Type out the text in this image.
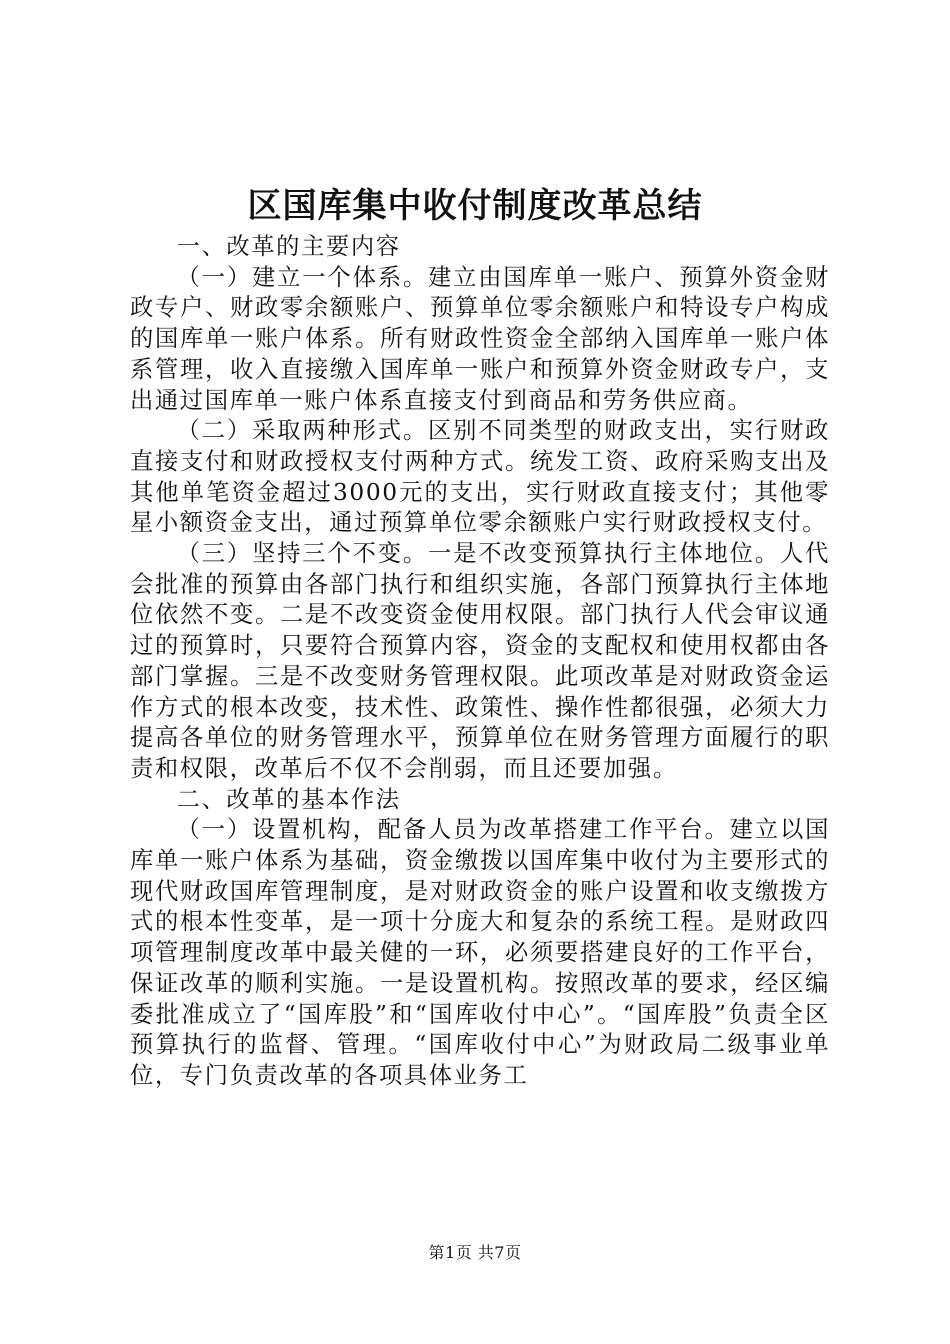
区国库集中收付制度改革总结

一、改革的主要内容

（一）建立一个体系。建立由国库单一账户、预算外资金财政专户、财政零余额账户、预算单位零余额账户和特设专户构成的国库单一账户体系。所有财政性资金全部纳入国库单一账户体系管理，收入直接缴入国库单一账户和预算外资金财政专户，支出通过国库单一账户体系直接支付到商品和劳务供应商。

（二）采取两种形式。区别不同类型的财政支出，实行财政直接支付和财政授权支付两种方式。统发工资、政府采购支出及其他单笔资金超过3000元的支出，实行财政直接支付；其他零星小额资金支出，通过预算单位零余额账户实行财政授权支付。

（三）坚持三个不变。一是不改变预算执行主体地位。人代会批准的预算由各部门执行和组织实施，各部门预算执行主体地位依然不变。二是不改变资金使用权限。部门执行人代会审议通过的预算时，只要符合预算内容，资金的支配权和使用权都由各部门掌握。三是不改变财务管理权限。此项改革是对财政资金运作方式的根本改变，技术性、政策性、操作性都很强，必须大力提高各单位的财务管理水平，预算单位在财务管理方面履行的职责和权限，改革后不仅不会削弱，而且还要加强。

二、改革的基本作法

（一）设置机构，配备人员为改革搭建工作平台。建立以国库单一账户体系为基础，资金缴拨以国库集中收付为主要形式的现代财政国库管理制度，是对财政资金的账户设置和收支缴拨方式的根本性变革，是一项十分庞大和复杂的系统工程。是财政四项管理制度改革中最关健的一环，必须要搭建良好的工作平台，保证改革的顺利实施。一是设置机构。按照改革的要求，经区编委批准成立了“国库股”和“国库收付中心”。“国库股”负责全区预算执行的监督、管理。“国库收付中心”为财政局二级事业单位，专门负责改革的各项具体业务工

第1页 共7页
